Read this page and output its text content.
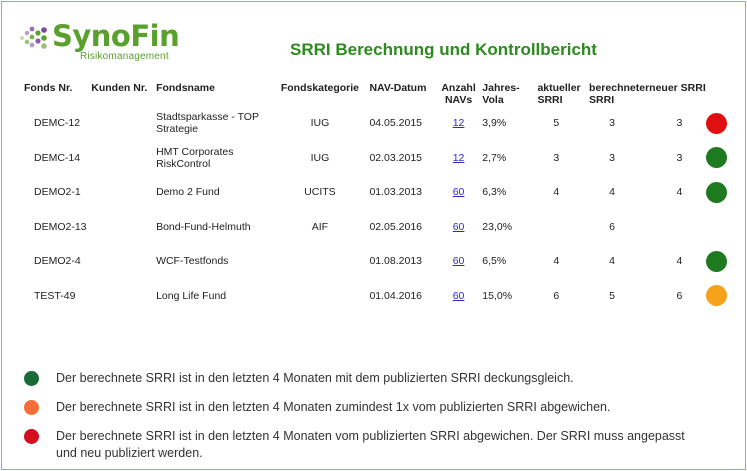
SynoFin
Risikomanagement	SRRI Berechnung und Kontrollbericht
Fonds Nr.	Kunden Nr.	Fondsname	Fondskategorie	NAV-Datum	Anzahl NAVs	Jahres-Vola	aktueller SRRI	berechneter SRRI	neuer SRRI	
DEMC-12		Stadtsparkasse - TOP Strategie	IUG	04.05.2015	12	3,9%	5	3	3	
DEMC-14		HMT Corporates RiskControl	IUG	02.03.2015	12	2,7%	3	3	3	
DEMO2-1		Demo 2 Fund	UCITS	01.03.2013	60	6,3%	4	4	4	
DEMO2-13		Bond-Fund-Helmuth	AIF	02.05.2016	60	23,0%		6		
DEMO2-4		WCF-Testfonds		01.08.2013	60	6,5%	4	4	4	
TEST-49		Long Life Fund		01.04.2016	60	15,0%	6	5	6	
Der berechnete SRRI ist in den letzten 4 Monaten mit dem publizierten SRRI deckungsgleich.
Der berechnete SRRI ist in den letzten 4 Monaten zumindest 1x vom publizierten SRRI abgewichen.
Der berechnete SRRI ist in den letzten 4 Monaten vom publizierten SRRI abgewichen. Der SRRI muss angepasst und neu publiziert werden.
